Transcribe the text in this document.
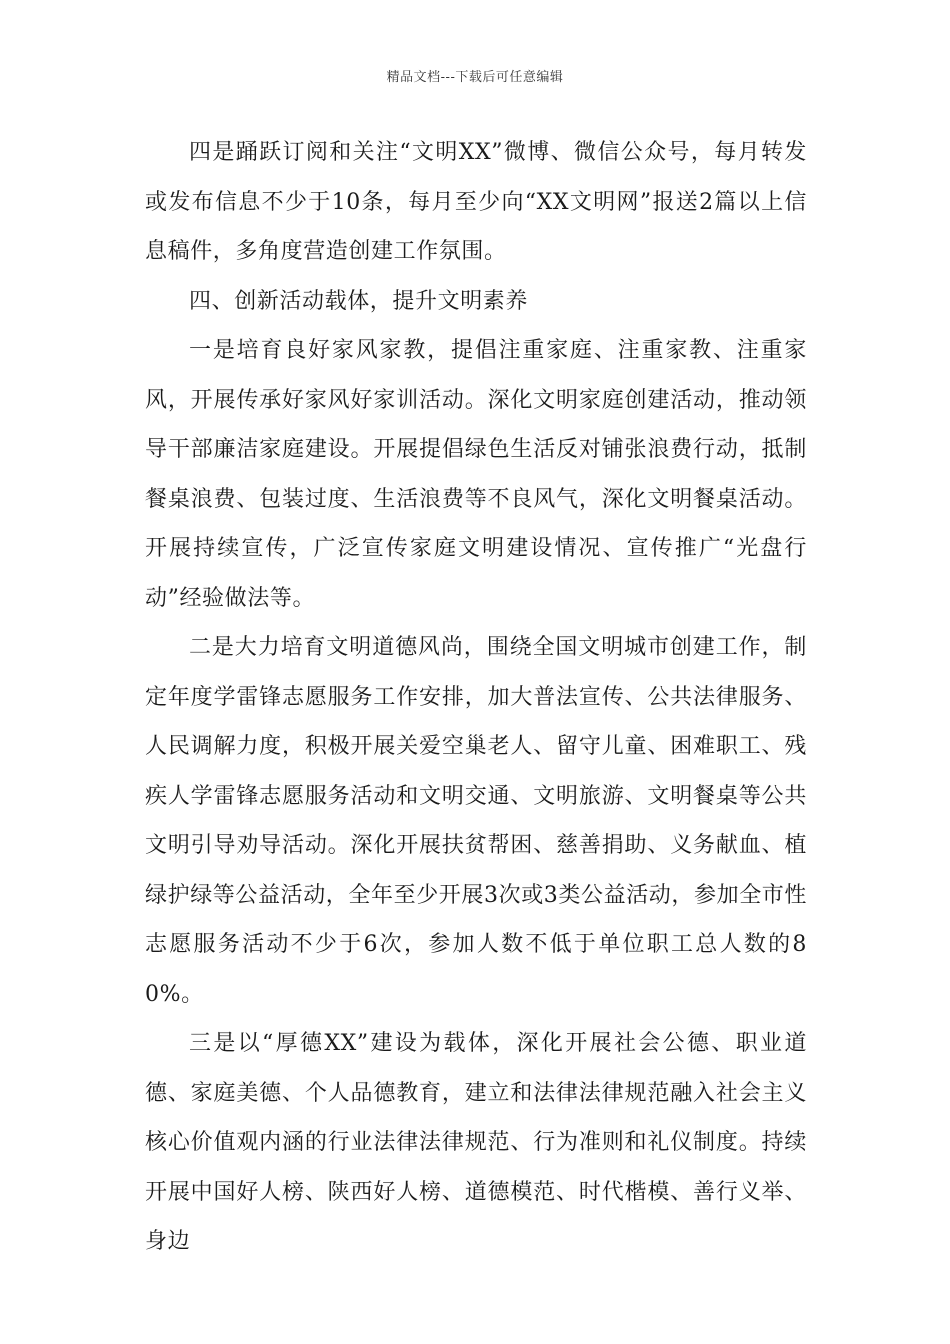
精品文档---下载后可任意编辑

四是踊跃订阅和关注“文明XX”微博、微信公众号，每月转发或发布信息不少于10条，每月至少向“XX文明网”报送2篇以上信息稿件，多角度营造创建工作氛围。

四、创新活动载体，提升文明素养

一是培育良好家风家教，提倡注重家庭、注重家教、注重家风，开展传承好家风好家训活动。深化文明家庭创建活动，推动领导干部廉洁家庭建设。开展提倡绿色生活反对铺张浪费行动，抵制餐桌浪费、包装过度、生活浪费等不良风气，深化文明餐桌活动。开展持续宣传，广泛宣传家庭文明建设情况、宣传推广“光盘行动”经验做法等。

二是大力培育文明道德风尚，围绕全国文明城市创建工作，制定年度学雷锋志愿服务工作安排，加大普法宣传、公共法律服务、人民调解力度，积极开展关爱空巢老人、留守儿童、困难职工、残疾人学雷锋志愿服务活动和文明交通、文明旅游、文明餐桌等公共文明引导劝导活动。深化开展扶贫帮困、慈善捐助、义务献血、植绿护绿等公益活动，全年至少开展3次或3类公益活动，参加全市性志愿服务活动不少于6次，参加人数不低于单位职工总人数的80%。

三是以“厚德XX”建设为载体，深化开展社会公德、职业道德、家庭美德、个人品德教育，建立和法律法律规范融入社会主义核心价值观内涵的行业法律法律规范、行为准则和礼仪制度。持续开展中国好人榜、陕西好人榜、道德模范、时代楷模、善行义举、身边
